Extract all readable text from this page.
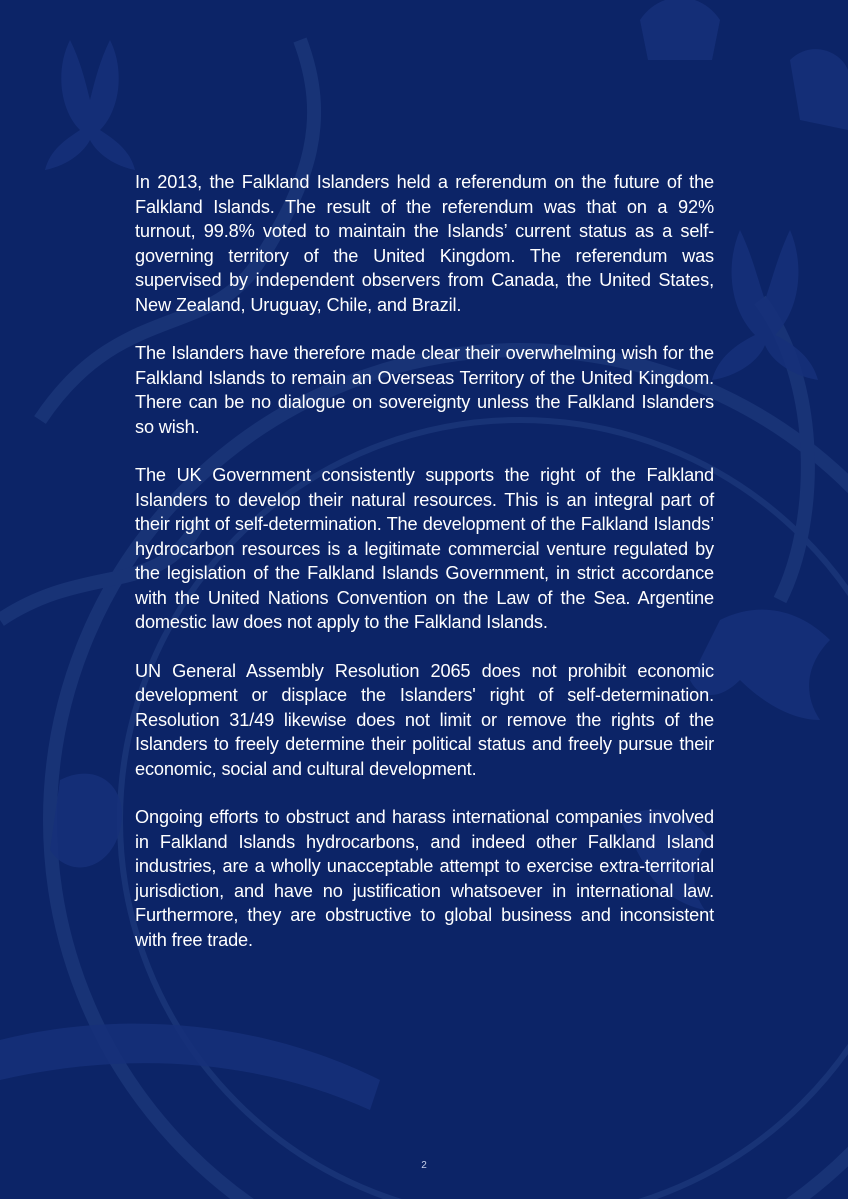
In 2013, the Falkland Islanders held a referendum on the future of the Falkland Islands. The result of the referendum was that on a 92% turnout, 99.8% voted to maintain the Islands’ current status as a self-governing territory of the United Kingdom. The referendum was supervised by independent observers from Canada, the United States, New Zealand, Uruguay, Chile, and Brazil.

The Islanders have therefore made clear their overwhelming wish for the Falkland Islands to remain an Overseas Territory of the United Kingdom. There can be no dialogue on sovereignty unless the Falkland Islanders so wish.

The UK Government consistently supports the right of the Falkland Islanders to develop their natural resources. This is an integral part of their right of self-determination. The development of the Falkland Islands’ hydrocarbon resources is a legitimate commercial venture regulated by the legislation of the Falkland Islands Government, in strict accordance with the United Nations Convention on the Law of the Sea. Argentine domestic law does not apply to the Falkland Islands.

UN General Assembly Resolution 2065 does not prohibit economic development or displace the Islanders' right of self-determination. Resolution 31/49 likewise does not limit or remove the rights of the Islanders to freely determine their political status and freely pursue their economic, social and cultural development.

Ongoing efforts to obstruct and harass international companies involved in Falkland Islands hydrocarbons, and indeed other Falkland Island industries, are a wholly unacceptable attempt to exercise extra-territorial jurisdiction, and have no justification whatsoever in international law. Furthermore, they are obstructive to global business and inconsistent with free trade.

2
